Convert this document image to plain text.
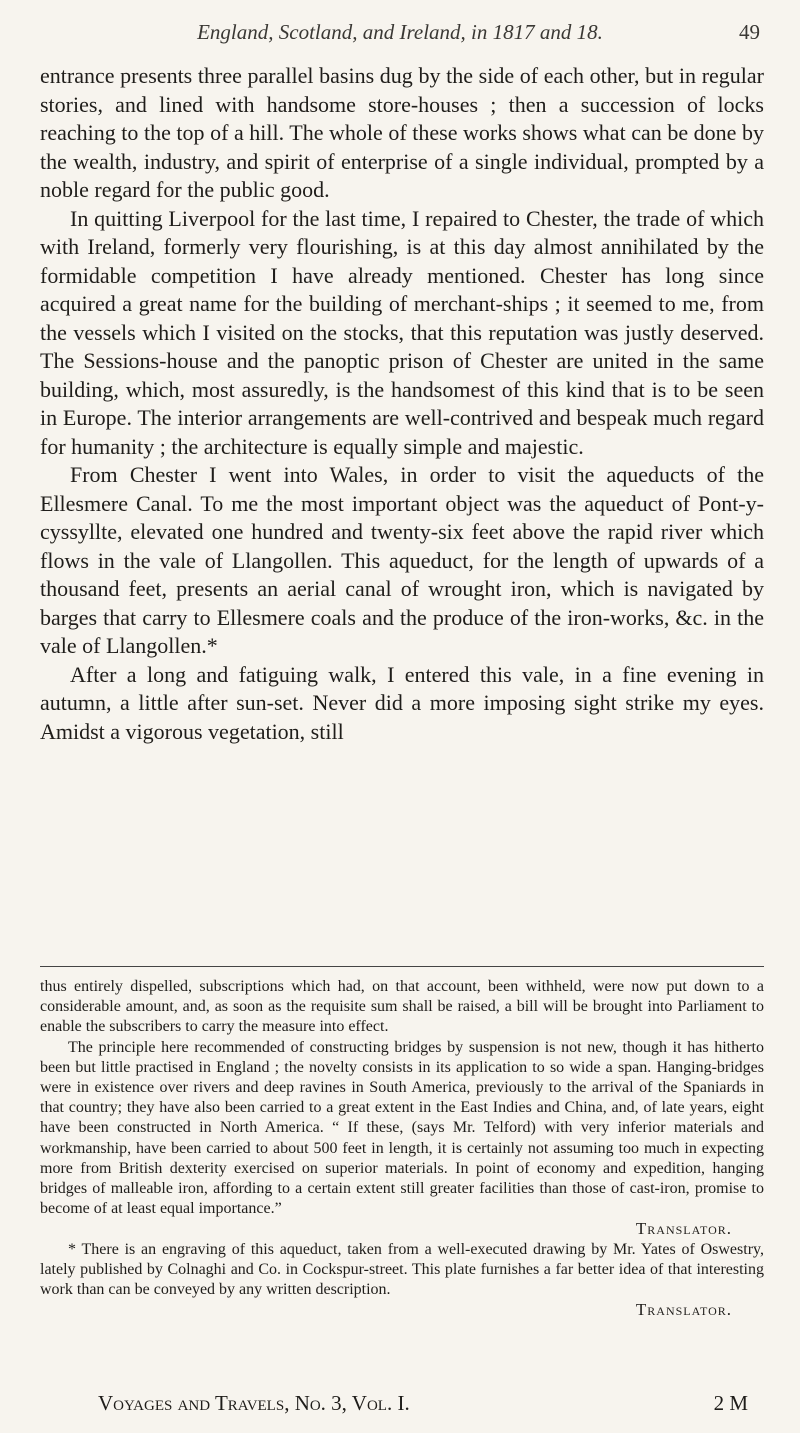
England, Scotland, and Ireland, in 1817 and 18.	49

entrance presents three parallel basins dug by the side of each other, but in regular stories, and lined with handsome store-houses ; then a succession of locks reaching to the top of a hill. The whole of these works shows what can be done by the wealth, industry, and spirit of enterprise of a single individual, prompted by a noble regard for the public good.

In quitting Liverpool for the last time, I repaired to Chester, the trade of which with Ireland, formerly very flourishing, is at this day almost annihilated by the formidable competition I have already mentioned. Chester has long since acquired a great name for the building of merchant-ships ; it seemed to me, from the vessels which I visited on the stocks, that this reputation was justly deserved. The Sessions-house and the panoptic prison of Chester are united in the same building, which, most assuredly, is the handsomest of this kind that is to be seen in Europe. The interior arrangements are well-contrived and bespeak much regard for humanity ; the architecture is equally simple and majestic.

From Chester I went into Wales, in order to visit the aqueducts of the Ellesmere Canal. To me the most important object was the aqueduct of Pont-y-cyssyllte, elevated one hundred and twenty-six feet above the rapid river which flows in the vale of Llangollen. This aqueduct, for the length of upwards of a thousand feet, presents an aerial canal of wrought iron, which is navigated by barges that carry to Ellesmere coals and the produce of the iron-works, &c. in the vale of Llangollen.*

After a long and fatiguing walk, I entered this vale, in a fine evening in autumn, a little after sun-set. Never did a more imposing sight strike my eyes. Amidst a vigorous vegetation, still

thus entirely dispelled, subscriptions which had, on that account, been withheld, were now put down to a considerable amount, and, as soon as the requisite sum shall be raised, a bill will be brought into Parliament to enable the subscribers to carry the measure into effect.

The principle here recommended of constructing bridges by suspension is not new, though it has hitherto been but little practised in England ; the novelty consists in its application to so wide a span. Hanging-bridges were in existence over rivers and deep ravines in South America, previously to the arrival of the Spaniards in that country; they have also been carried to a great extent in the East Indies and China, and, of late years, eight have been constructed in North America. “ If these, (says Mr. Telford) with very inferior materials and workmanship, have been carried to about 500 feet in length, it is certainly not assuming too much in expecting more from British dexterity exercised on superior materials. In point of economy and expedition, hanging bridges of malleable iron, affording to a certain extent still greater facilities than those of cast-iron, promise to become of at least equal importance.”

Translator.

* There is an engraving of this aqueduct, taken from a well-executed drawing by Mr. Yates of Oswestry, lately published by Colnaghi and Co. in Cockspur-street. This plate furnishes a far better idea of that interesting work than can be conveyed by any written description.

Translator.

Voyages and Travels, No. 3, Vol. I.	2 M
